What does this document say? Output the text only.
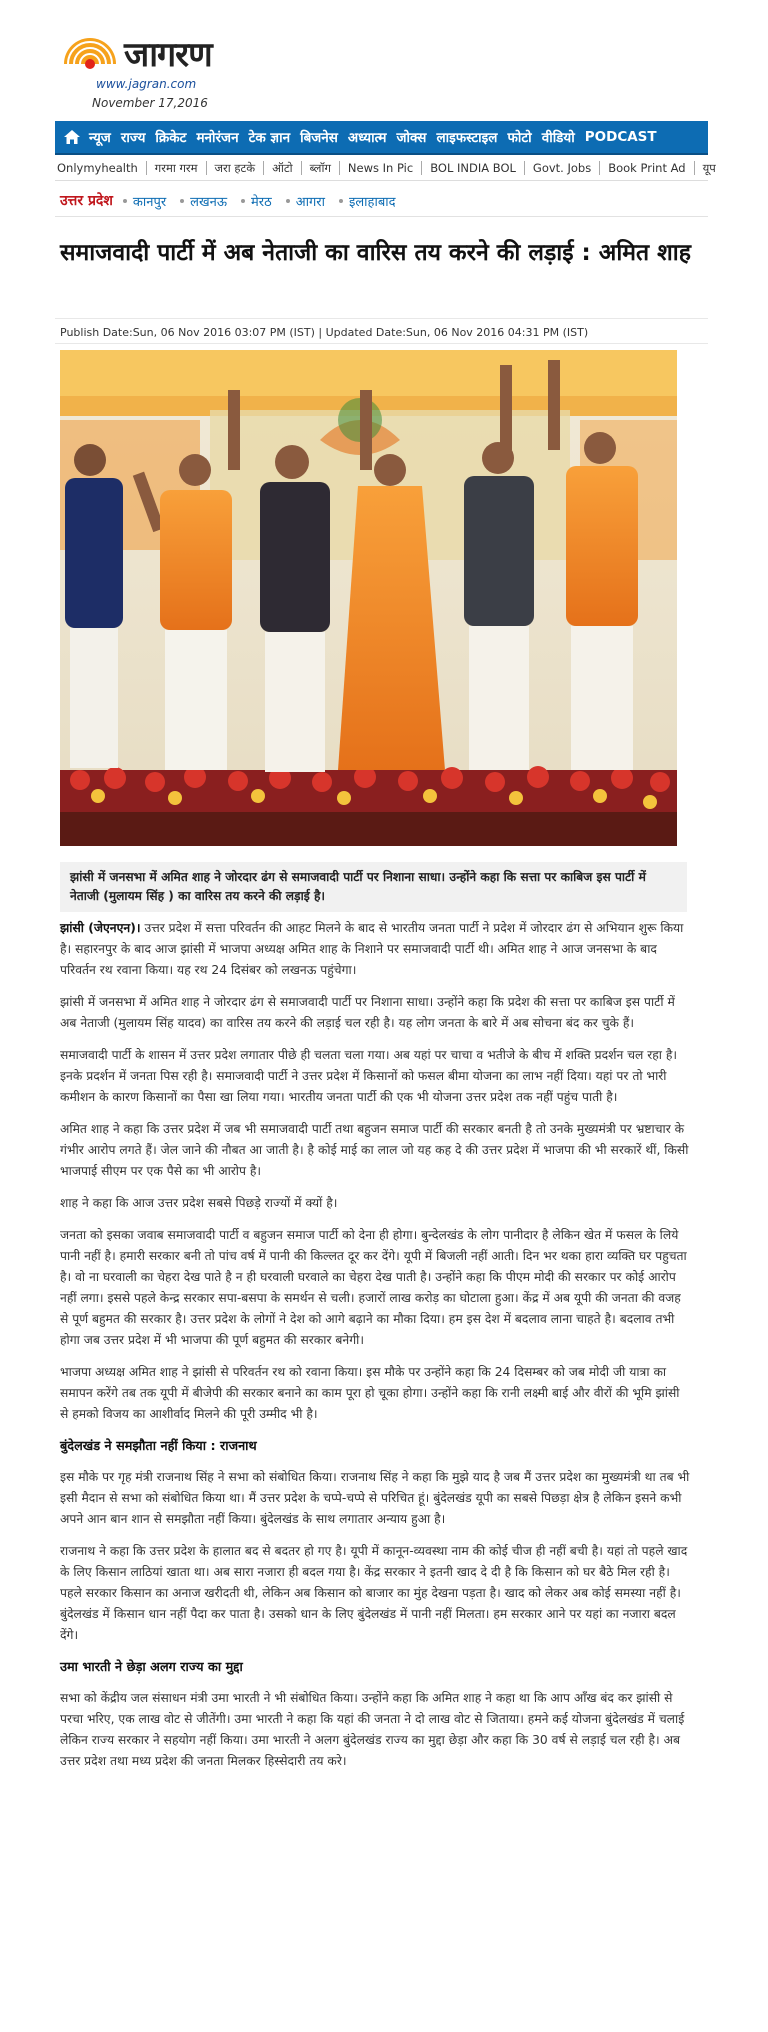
जागरण
www.jagran.com
November 17,2016
न्यूज राज्य क्रिकेट मनोरंजन टेक ज्ञान बिजनेस अध्यात्म जोक्स लाइफस्टाइल फोटो वीडियो PODCAST
Onlymyhealth	गरमा गरम	जरा हटके	ऑटो	ब्लॉग	News In Pic	BOL INDIA BOL	Govt. Jobs	Book Print Ad	यूप
उत्तर प्रदेश कानपुर लखनऊ मेरठ आगरा इलाहाबाद
समाजवादी पार्टी में अब नेताजी का वारिस तय करने की लड़ाई : अमित शाह
Publish Date:Sun, 06 Nov 2016 03:07 PM (IST) | Updated Date:Sun, 06 Nov 2016 04:31 PM (IST)
झांसी में जनसभा में अमित शाह ने जोरदार ढंग से समाजवादी पार्टी पर निशाना साधा। उन्होंने कहा कि सत्ता पर काबिज इस पार्टी में नेताजी (मुलायम सिंह ) का वारिस तय करने की लड़ाई है।

झांसी (जेएनएन)। उत्तर प्रदेश में सत्ता परिवर्तन की आहट मिलने के बाद से भारतीय जनता पार्टी ने प्रदेश में जोरदार ढंग से अभियान शुरू किया है। सहारनपुर के बाद आज झांसी में भाजपा अध्यक्ष अमित शाह के निशाने पर समाजवादी पार्टी थी। अमित शाह ने आज जनसभा के बाद परिवर्तन रथ रवाना किया। यह रथ 24 दिसंबर को लखनऊ पहुंचेगा।

झांसी में जनसभा में अमित शाह ने जोरदार ढंग से समाजवादी पार्टी पर निशाना साधा। उन्होंने कहा कि प्रदेश की सत्ता पर काबिज इस पार्टी में अब नेताजी (मुलायम सिंह यादव) का वारिस तय करने की लड़ाई चल रही है। यह लोग जनता के बारे में अब सोचना बंद कर चुके हैं।

समाजवादी पार्टी के शासन में उत्तर प्रदेश लगातार पीछे ही चलता चला गया। अब यहां पर चाचा व भतीजे के बीच में शक्ति प्रदर्शन चल रहा है। इनके प्रदर्शन में जनता पिस रही है। समाजवादी पार्टी ने उत्तर प्रदेश में किसानों को फसल बीमा योजना का लाभ नहीं दिया। यहां पर तो भारी कमीशन के कारण किसानों का पैसा खा लिया गया। भारतीय जनता पार्टी की एक भी योजना उत्तर प्रदेश तक नहीं पहुंच पाती है।

अमित शाह ने कहा कि उत्तर प्रदेश में जब भी समाजवादी पार्टी तथा बहुजन समाज पार्टी की सरकार बनती है तो उनके मुख्यमंत्री पर भ्रष्टाचार के गंभीर आरोप लगते हैं। जेल जाने की नौबत आ जाती है। है कोई माई का लाल जो यह कह दे की उत्तर प्रदेश में भाजपा की भी सरकारें थीं, किसी भाजपाई सीएम पर एक पैसे का भी आरोप है।

शाह ने कहा कि आज उत्तर प्रदेश सबसे पिछड़े राज्यों में क्यों है।

जनता को इसका जवाब समाजवादी पार्टी व बहुजन समाज पार्टी को देना ही होगा। बुन्देलखंड के लोग पानीदार है लेकिन खेत में फसल के लिये पानी नहीं है। हमारी सरकार बनी तो पांच वर्ष में पानी की किल्लत दूर कर देंगे। यूपी में बिजली नहीं आती। दिन भर थका हारा व्यक्ति घर पहुचता है। वो ना घरवाली का चेहरा देख पाते है न ही घरवाली घरवाले का चेहरा देख पाती है। उन्होंने कहा कि पीएम मोदी की सरकार पर कोई आरोप नहीं लगा। इससे पहले केन्द्र सरकार सपा-बसपा के समर्थन से चली। हजारों लाख करोड़ का घोटाला हुआ। केंद्र में अब यूपी की जनता की वजह से पूर्ण बहुमत की सरकार है। उत्तर प्रदेश के लोगों ने देश को आगे बढ़ाने का मौका दिया। हम इस देश में बदलाव लाना चाहते है। बदलाव तभी होगा जब उत्तर प्रदेश में भी भाजपा की पूर्ण बहुमत की सरकार बनेगी।

भाजपा अध्यक्ष अमित शाह ने झांसी से परिवर्तन रथ को रवाना किया। इस मौके पर उन्होंने कहा कि 24 दिसम्बर को जब मोदी जी यात्रा का समापन करेंगे तब तक यूपी में बीजेपी की सरकार बनाने का काम पूरा हो चूका होगा। उन्होंने कहा कि रानी लक्ष्मी बाई और वीरों की भूमि झांसी से हमको विजय का आशीर्वाद मिलने की पूरी उम्मीद भी है।

बुंदेलखंड ने समझौता नहीं किया : राजनाथ

इस मौके पर गृह मंत्री राजनाथ सिंह ने सभा को संबोधित किया। राजनाथ सिंह ने कहा कि मुझे याद है जब मैं उत्तर प्रदेश का मुख्यमंत्री था तब भी इसी मैदान से सभा को संबोधित किया था। मैं उत्तर प्रदेश के चप्पे-चप्पे से परिचित हूं। बुंदेलखंड यूपी का सबसे पिछड़ा क्षेत्र है लेकिन इसने कभी अपने आन बान शान से समझौता नहीं किया। बुंदेलखंड के साथ लगातार अन्याय हुआ है।

राजनाथ ने कहा कि उत्तर प्रदेश के हालात बद से बदतर हो गए है। यूपी में कानून-व्यवस्था नाम की कोई चीज ही नहीं बची है। यहां तो पहले खाद के लिए किसान लाठियां खाता था। अब सारा नजारा ही बदल गया है। केंद्र सरकार ने इतनी खाद दे दी है कि किसान को घर बैठे मिल रही है। पहले सरकार किसान का अनाज खरीदती थी, लेकिन अब किसान को बाजार का मुंह देखना पड़ता है। खाद को लेकर अब कोई समस्या नहीं है। बुंदेलखंड में किसान धान नहीं पैदा कर पाता है। उसको धान के लिए बुंदेलखंड में पानी नहीं मिलता। हम सरकार आने पर यहां का नजारा बदल देंगे।

उमा भारती ने छेड़ा अलग राज्य का मुद्दा

सभा को केंद्रीय जल संसाधन मंत्री उमा भारती ने भी संबोधित किया। उन्होंने कहा कि अमित शाह ने कहा था कि आप आँख बंद कर झांसी से परचा भरिए, एक लाख वोट से जीतेंगी। उमा भारती ने कहा कि यहां की जनता ने दो लाख वोट से जिताया। हमने कई योजना बुंदेलखंड में चलाई लेकिन राज्य सरकार ने सहयोग नहीं किया। उमा भारती ने अलग बुंदेलखंड राज्य का मुद्दा छेड़ा और कहा कि 30 वर्ष से लड़ाई चल रही है। अब उत्तर प्रदेश तथा मध्य प्रदेश की जनता मिलकर हिस्सेदारी तय करे।
